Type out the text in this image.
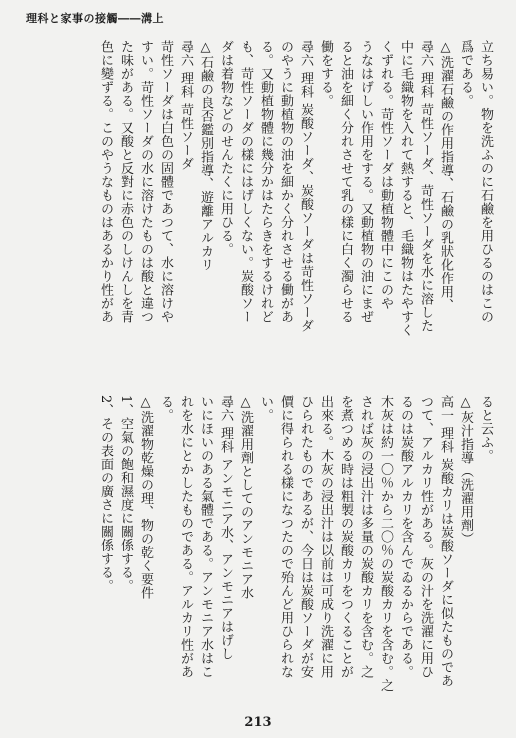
理科と家事の接觸――溝上
立ち易い。物を洗ふのに石鹼を用ひるのはこの
爲である。
△洗濯石鹼の作用指導、石鹼の乳狀化作用、
尋六 理科 苛性ソーダ、苛性ソーダを水に溶した
中に毛織物を入れて熱すると、毛織物はたやすく
くずれる。苛性ソーダは動植物體中にこのや
うなはげしい作用をする。又動植物の油にまぜ
ると油を細く分れさせて乳の樣に白く濁らせる
働をする。
尋六 理科 炭酸ソーダ、炭酸ソーダは苛性ソーダ
のやうに動植物の油を細かく分れさせる働があ
る。又動植物體に幾分かはたらきをするけれど
も、苛性ソーダの樣にはげしくない。炭酸ソー
ダは着物などのせんたくに用ひる。
△石鹼の良否鑑別指導、遊離アルカリ
尋六 理科 苛性ソーダ
苛性ソーダは白色の固體であつて、水に溶けや
すい。苛性ソーダの水に溶けたものは酸と違つ
た味がある。又酸と反對に赤色のしけんしを青
色に變ずる。このやうなものはあるかり性があ
ると云ふ。
△灰汁指導（洗濯用劑）
高一 理科 炭酸カリは炭酸ソーダに似たものであ
つて、アルカリ性がある。灰の汁を洗濯に用ひ
るのは炭酸アルカリを含んでゐるからである。
木灰は約一〇％から二〇％の炭酸カリを含む。之
されば灰の浸出汁は多量の炭酸カリを含む。之
を煮つめる時は粗製の炭酸カリをつくることが
出來る。木灰の浸出汁は以前は可成り洗濯に用
ひられたものであるが、今日は炭酸ソーダが安
價に得られる樣になつたので殆んど用ひられな
い。
△洗濯用劑としてのアンモニア水
尋六 理科 アンモニア水、アンモニアはげし
いにほいのある氣體である。アンモニア水はこ
れを水にとかしたものである。アルカリ性があ
る。
△洗濯物乾燥の理、物の乾く要件
1、空氣の飽和濕度に關係する。
2、その表面の廣さに關係する。
213
